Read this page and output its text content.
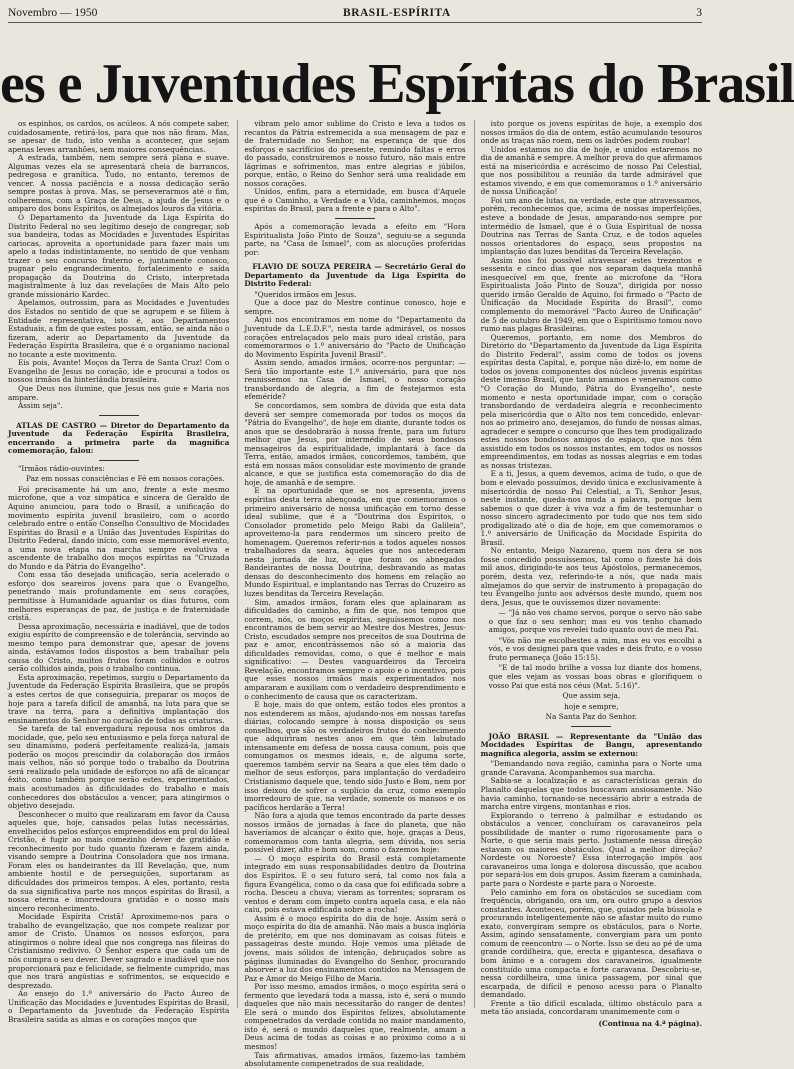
Novembro — 1950	BRASIL-ESPÍRITA	3
es e Juventudes Espíritas do Brasil

os espinhos, os cardos, os acúleos. A nós compete saber, cuidadosamente, retirá-los, para que nos não firam. Mas, se apesar de tudo, isto venha a acontecer, que sejam apenas leves arranhões, sem maiores consequências.

A estrada, também, nem sempre será plana e suave. Algumas vezes ela se apresentará cheia de barrancos, pedregosa e granítica. Tudo, no entanto, teremos de vencer. A nossa paciência e a nossa dedicação serão sempre postas à prova. Mas, se perseverarmos até o fim, colheremos, com a Graça de Deus, a ajuda de Jesus e o amparo dos bons Espíritos, os almejados louros da vitória.

O Departamento da Juventude da Liga Espírita do Distrito Federal no seu legítimo desejo de congregar, sob sua bandeira, todas as Mocidades e Juventudes Espíritas cariocas, aproveita a oportunidade para fazer mais um apelo a todas indistintamente, no sentido de que venham trazer o seu concurso fraterno e, juntamente conosco, pugnar pelo engrandecimento, fortalecimento e saída propagação da Doutrina do Cristo, interpretada magistralmente à luz das revelações de Mais Alto pelo grande missionário Kardec.

Apelamos, outrossim, para as Mocidades e Juventudes dos Estados no sentido de que se agrupem e se filiem à Entidade representativa, isto é, aos Departamentos Estaduais, a fim de que estes possam, então, se ainda não o fizeram, aderir ao Departamento da Juventude da Federação Espírita Brasileira, que é o organismo nacional no tocante a este movimento.

Eis pois, Avante! Moços da Terra de Santa Cruz! Com o Evangelho de Jesus no coração, ide e procurai a todos os nossos irmãos da hinterlândia brasileira.

Que Deus nos ilumine, que Jesus nos guie e Maria nos ampare.

Assim seja".

ATLAS DE CASTRO — Diretor do Departamento da Juventude da Federação Espírita Brasileira, encerrando a primeira parte da magnífica comemoração, falou:

"Irmãos rádio-ouvintes:

Paz em nossas consciências e Fé em nossos corações.

Foi precisamente há um ano, frente a este mesmo microfone, que a voz simpática e sincera de Geraldo de Aquino anunciou, para todo o Brasil, a unificação do movimento espírita juvenil brasileiro, com o acordo celebrado entre o então Conselho Consultivo de Mocidades Espíritas do Brasil e a União das Juventudes Espíritas do Distrito Federal, dando início, com esse memorável evento, a uma nova etapa na marcha sempre evolutiva e ascendente de trabalho dos moços espíritas na "Cruzada do Mundo e da Pátria do Evangelho".

Com essa tão desejada unificação, seria acelerado o esforço dos seareiros jovens para que o Evangelho, penetrando mais profundamente em seus corações, permitisse à Humanidade aguardar os dias futuros, com melhores esperanças de paz, de justiça e de fraternidade cristã.

Dessa aproximação, necessária e inadiável, que de todos exigiu espírito de compreensão e de tolerância, servindo ao mesmo tempo para demonstrar que, apesar de jovens ainda, estávamos todos dispostos a bem trabalhar pela causa do Cristo, muitos frutos foram colhidos e outros serão colhidos ainda, pois o trabalho continua.

Esta aproximação, repetimos, surgiu o Departamento da Juventude da Federação Espírita Brasileira, que se propôs a estes certos de que conseguiria, preparar os moços de hoje para a tarefa difícil de amanhã, na luta para que se trave na terra, para a definitiva implantação dos ensinamentos do Senhor no coração de todas as criaturas.

Se tarefa de tal envergadura repousa nos ombros da mocidade, que, pelo seu entusiasmo e pela força natural de seu dinamismo, poderá perfeitamente realizá-la, jamais poderão os moços prescindir da colaboração dos irmãos mais velhos, não só porque todo o trabalho da Doutrina será realizado pela unidade de esforços no afã de alcançar êxito, como também porque serão estes, experimentados, mais acostumados às dificuldades do trabalho e mais conhecedores dos obstáculos a vencer, para atingirmos o objetivo desejado.

Desconhecer o muito que realizaram em favor da Causa aqueles que, hoje, cansados pelas lutas necessárias, envelhecidos pelos esforços empreendidos em prol do Ideal Cristão, é fugir ao mais comezinho dever de gratidão e reconhecimento por tudo quanto fizeram e fazem ainda, visando sempre a Doutrina Consoladora que nos irmana. Foram eles os bandeirantes da III Revelação, que, num ambiente hostil e de perseguições, suportaram as dificuldades dos primeiros tempos. A eles, portanto, resta da sua significativa parte nos moços espíritas do Brasil, a nossa eterna e imorredoura gratidão e o nosso mais sincero reconhecimento.

Mocidade Espírita Cristã! Aproximemo-nos para o trabalho de evangelização, que nos compete realizar por amor de Cristo. Unamos os nossos esforços, para atingirmos o nobre ideal que nos congrega nas fileiras do Cristianismo redivivo. O Senhor espera que cada um de nós cumpra o seu dever. Dever sagrado e inadiável que nos proporcionará paz e felicidade, se fielmente cumprido, mas que nos trará angústias e sofrimentos, se esquecido e desprezado.

Ao ensejo do 1.º aniversário do Pacto Áureo de Unificação das Mocidades e Juventudes Espíritas do Brasil, o Departamento da Juventude da Federação Espírita Brasileira saúda as almas e os corações moços que

vibram pelo amor sublime do Cristo e leva a todos os recantos da Pátria estremecida a sua mensagem de paz e de fraternidade no Senhor, na esperança de que dos esforços e sacrifícios do presente, remindo faltas e erros do passado, construiremos o nosso futuro, não mais entre lágrimas e sofrimentos, mas entre alegrias e júbilos, porque, então, o Reino do Senhor será uma realidade em nossos corações.

Unidos, enfim, para a eternidade, em busca d'Aquele que é o Caminho, a Verdade e a Vida, caminhemos, moços espíritas do Brasil, para a frente e para o Alto".

Após a comemoração levada a efeito em "Hora Espiritualista João Pinto de Souza", seguiu-se a segunda parte, na "Casa de Ismael", com as alocuções proferidas por:

FLAVIO DE SOUZA PEREIRA — Secretário Geral do Departamento da Juventude da Liga Espírita do Distrito Federal:

"Queridos irmãos em Jesus.

Que a doce paz do Mestre continue conosco, hoje e sempre.

Aqui nos encontramos em nome do "Departamento da Juventude da L.E.D.F.", nesta tarde admirável, os nossos corações entrelaçados pelo mais puro ideal cristão, para comemorarmos o 1.º aniversário do "Pacto de Unificação do Movimento Espírita Juvenil Brasil".

Assim sendo, amados irmãos, ocorre-nos perguntar: — Será tão importante este 1.º aniversário, para que nos reunissemos na Casa de Ismael, o nosso coração transbordando de alegria, a fim de festejarmos esta efeméride?

Se concordamos, sem sombra de dúvida que esta data deverá ser sempre comemorada por todos os moços da "Pátria do Evangelho", de hoje em diante, durante todos os anos que se desdobrarão à nossa frente, para um futuro melhor que Jesus, por intermédio de seus bondosos mensageiros da espiritualidade, implantará à face da Terra, então, amados irmãos, concordemos, também, que está em nossas mãos consolidar este movimento de grande alcance, e que se justifica esta comemoração do dia de hoje, de amanhã e de sempre.

E na oportunidade que se nos apresenta, jovens espíritas desta terra abençoada, em que comemoramos o primeiro aniversário de nossa unificação em torno desse ideal sublime, que é a "Doutrina dos Espíritos, o Consolador prometido pelo Meigo Rabi da Galileia", aproveitemo-la para rendermos um sincero preito de homenagem. Queremos referir-nos a todos aqueles nossos trabalhadores da seara, àqueles que nos antecederam nesta jornada de luz, e que foram os abnegados Bandeirantes de nossa Doutrina, desbravando as matas densas do desconhecimento dos homens em relação ao Mundo Espiritual, e implantando nas Terras do Cruzeiro as luzes benditas da Terceira Revelação.

Sim, amados irmãos, foram eles que aplainaram as dificuldades do caminho, a fim de que, nos tempos que correm, nós, os moços espíritas, seguíssemos como nos encontramos de bem servir ao Mestre dos Mestres, Jesus-Cristo, escudados sempre nos preceitos de sua Doutrina de paz e amor, encontrássemos não só a maioria das dificuldades removidas, como, o que é melhor e mais significativo: — Destes vanguardeiros da Terceira Revelação, encontramos sempre o apoio e o incentivo, pois que esses nossos irmãos mais experimentados nos ampararam e auxiliam com o verdadeiro desprendimento e o conhecimento de causa que os caracterizam.

E hoje, mais do que ontem, estão todos eles prontos a nos estenderem as mãos, ajudando-nos em nossas tarefas diárias, colocando sempre à nossa disposição os seus conselhos, que são os verdadeiros frutos do conhecimento que adquiriram nestes anos em que têm labutado intensamente em defesa de nossa causa comum, pois que comungamos os mesmos ideais, e, de alguma sorte, queremos também servir na Seara a que eles têm dado o melhor de seus esforços, para implantação do verdadeiro Cristianismo daquele que, tendo sido Justo e Bom, nem por isso deixou de sofrer o suplício da cruz, como exemplo imorredouro de que, na verdade, somente os mansos e os pacíficos herdarão a Terra!

Não fora a ajuda que temos encontrado da parte desses nossos irmãos de jornadas à face do planeta, que não haveríamos de alcançar o êxito que, hoje, graças a Deus, comemoramos com tanta alegria, sem dúvida, nos seria possível dizer, alto e bom som, como o fazemos hoje:

— O moço espírita do Brasil está completamente integrado em suas responsabilidades dentro da Doutrina dos Espíritos. E o seu futuro será, tal como nos fala a figura Evangélica, como o da casa que foi edificada sobre a rocha. Desceu a chuva; vieram as torrentes; sopraram os ventos e deram com ímpeto contra aquela casa, e ela não caiu, pois estava edificada sobre a rocha!

Assim é o moço espírita do dia de hoje. Assim será o moço espírita do dia de amanhã. Não mais a busca inglória de pretérito, em que nos dominavam as coisas fúteis e passageiras deste mundo. Hoje vemos uma plêiade de jovens, mais sólidos de intenção, debruçados sobre as páginas iluminadas do Evangelho do Senhor, procurando absorver a luz dos ensinamentos contidos na Mensagem de Paz e Amor do Meigo Filho de Maria.

Por isso mesmo, amados irmãos, o moço espírita será o fermento que levedará toda a massa, isto é, será o mundo daqueles que não mais necessitarão do ranger de dentes! Ele será o mundo dos Espíritos felizes, absolutamente compenetrados da verdade contida no maior mandamento, isto é, será o mundo daqueles que, realmente, amam a Deus acima de todas as coisas e ao próximo como a si mesmos!

Tais afirmativas, amados irmãos, fazemo-las também absolutamente compenetrados de sua realidade,

isto porque os jovens espíritas de hoje, a exemplo dos nossos irmãos do dia de ontem, estão acumulando tesouros onde as traças não roem, nem os ladrões podem roubar!

Unidos estamos no dia de hoje, e unidos estaremos no dia de amanhã e sempre. A melhor prova do que afirmamos está na misericórdia e acréscimo de nosso Pai Celestial, que nos possibilitou a reunião da tarde admirável que estamos vivendo, e em que comemoramos o 1.º aniversário de nossa Unificação!

Foi um ano de lutas, na verdade, este que atravessamos, porém, reconhecemos que, acima de nossas imperfeições, esteve a bondade de Jesus, amparando-nos sempre por intermédio de Ismael, que é o Guia Espiritual de nossa Doutrina nas Terras de Santa Cruz, e de todos aqueles nossos orientadores do espaço, seus propostos na implantação das luzes benditas da Terceira Revelação.

Assim nos foi possível atravessar estes trezentos e sessenta e cinco dias que nos separam daquela manhã inesquecível em que, frente ao microfone da "Hora Espiritualista João Pinto de Souza", dirigida por nosso querido irmão Geraldo de Aquino, foi firmado o "Pacto de Unificação da Mocidade Espírita do Brasil", como complemento do memorável "Pacto Áureo de Unificação" de 5 de outubro de 1949, em que o Espiritismo tomou novo rumo nas plagas Brasileiras.

Queremos, portanto, em nome dos Membros do Diretório do "Departamento da Juventude da Liga Espírita do Distrito Federal", assim como de todos os jovens espíritas desta Capital, e, porque não dizê-lo, em nome de todos os jovens componentes dos núcleos juvenis espíritas deste imenso Brasil, que tanto amamos e veneramos como "O Coração do Mundo, Pátria do Evangelho", neste momento e nesta oportunidade impar, com o coração transbordando de verdadeira alegria e reconhecimento pela misericórdia que o Alto nos tem concedido, enlevar-nos ao primeiro ano, desejamos, do fundo de nossas almas, agradecer e sempre o concurso que lhes tem prodigalizado estes nossos bondosos amigos do espaço, que nos têm assistido em todos os nossos instantes, em todos os nossos empreendimentos, em todas as nossas alegrias e em todas as nossas tristezas.

E a ti, Jesus, a quem devemos, acima de tudo, o que de bom e elevado possuímos, devido única e exclusivamente à misericórdia de nosso Pai Celestial, a Ti, Senhor Jesus, neste instante, queda-nos muda a palavra, porque bem sabemos o que dizer à viva voz a fim de testemunhar o nosso sincero agradecimento por tudo que nos tem sido prodigalizado até o dia de hoje, em que comemoramos o 1.º aniversário de Unificação da Mocidade Espírita do Brasil.

No entanto, Meigo Nazareno, quem nos dera se nos fosse concedido possuíssemos, tal como o fizeste há dois mil anos, dirigindo-te aos teus Apóstolos, permanecemos, porém, desta vez, referindo-te a nós, que nada mais almejamos do que servir de instrumento à propagação do teu Evangelho junto aos advérsos deste mundo, quem nos dera, Jesus, que te ouvíssemos dizer novamente:

— "Já não vos chamo servos, porque o servo não sabe o que faz o seu senhor; mas eu vos tenho chamado amigos, porque vos revelei tudo quanto ouvi de meu Pai.

"Vós não me escolhestes a mim, mas eu vos escolhi a vós, e vos designei para que vades e deis fruto, e o vosso fruto permaneça (João 15:15).

"E de tal modo brilhe a vossa luz diante dos homens, que eles vejam as vossas boas obras e glorifiquem o vosso Pai que está nos céus (Mat. 5:16)".

Que assim seja,

hoje e sempre,

Na Santa Paz do Senhor.

JOÃO BRASIL — Representante da "União das Mocidades Espíritas de Bangu, apresentando magnífica alegoria, assim se externou:

"Demandando nova região, caminha para o Norte uma grande Caravana. Acompanhemos sua marcha.

Sabia-se a localização e as características gerais do Planalto daquelas que todos buscavam ansiosamente. Não havia caminho, tornando-se necessário abrir a estrada de marcha entre virgens, montanhas e rios.

Explorando o terreno à palmilhar e estudando os obstáculos a vencer, concluíram os caravaneiros pela possibilidade de manter o rumo rigorosamente para o Norte, o que seria mais perto. Justamente nessa direção estavam os maiores obstáculos. Qual a melhor direção? Nordeste ou Noroeste? Essa interrogação impôs aos caravaneiros uma longa e dolorosa discussão, que acabou por separá-los em dois grupos. Assim fizeram a caminhada, parte para o Nordeste e parte para o Noroeste.

Pelo caminho em fora os obstáculos se sucediam com frequência, obrigando, ora um, ora outro grupo a desvios constantes. Aconteceu, porém, que, guiados pela bússola e procurando inteligentemente não se afastar muito do rumo exato, convergiram sempre os obstáculos, para o Norte. Assim, agindo sensatamente, convergiam para um ponto comum de reencontro — o Norte. Isso se deu ao pé de uma grande cordilheira, que, erecta e gigantesca, desafiava o bom ânimo e a coragem dos caravaneiros, igualmente constituído uma compacta e forte caravana. Descobriu-se, nessa cordilheira, uma única passagem, por sinal que escarpada, de difícil e penoso acesso para o Planalto demandado.

Frente a tão difícil escalada, último obstáculo para a meta tão ansiada, concordaram unanimemente com o

(Continua na 4.ª página).
